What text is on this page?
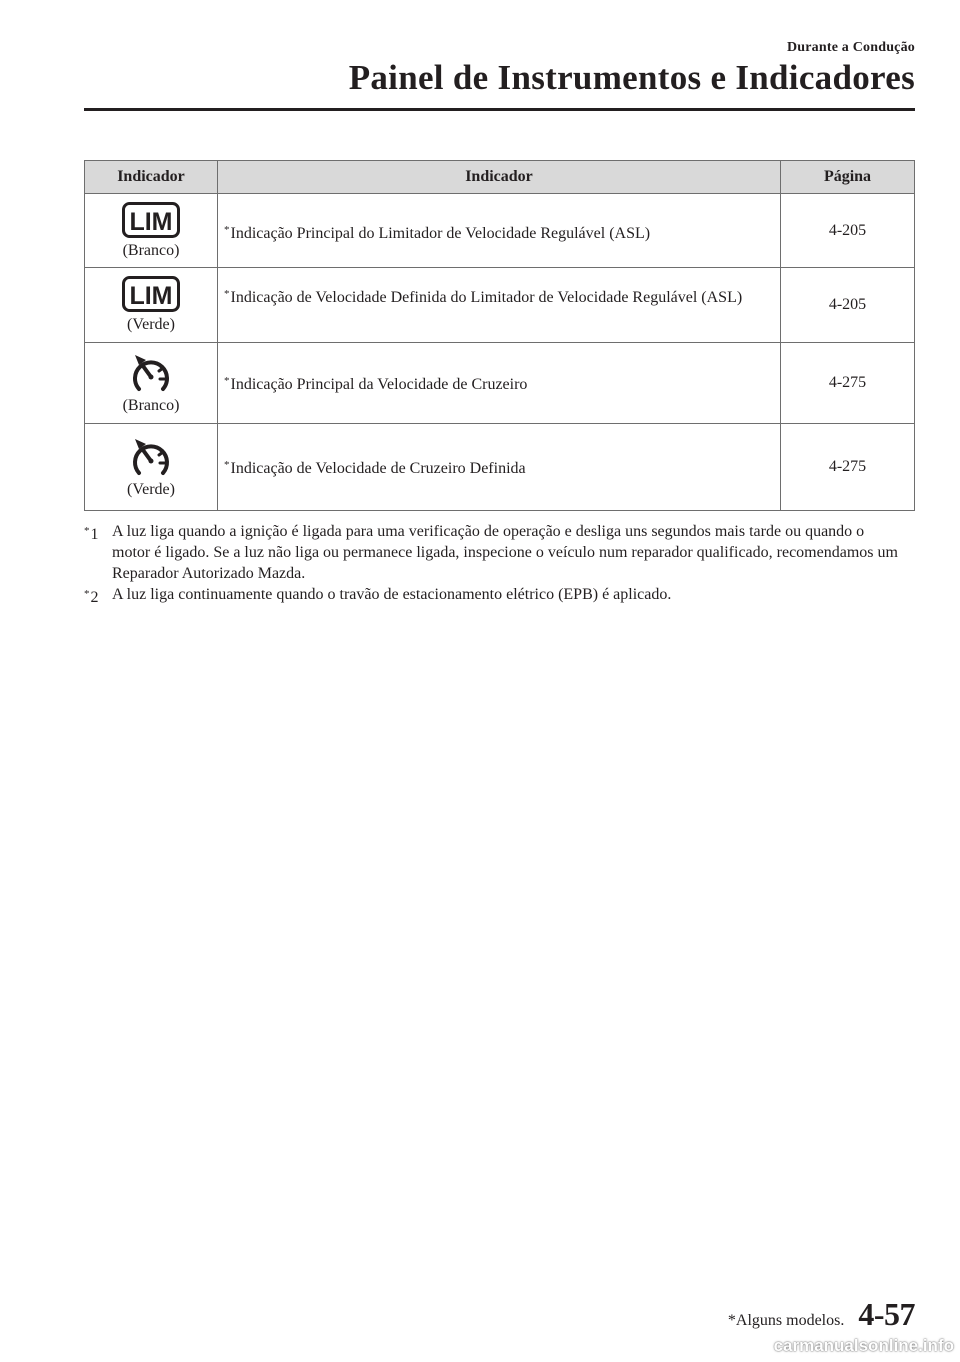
Durante a Condução
Painel de Instrumentos e Indicadores
Indicador	Indicador	Página

LIM
(Branco)	*Indicação Principal do Limitador de Velocidade Regulável (ASL)	4-205

LIM
(Verde)	*Indicação de Velocidade Definida do Limitador de Velocidade Regulável (ASL)	4-205

(Branco)	*Indicação Principal da Velocidade de Cruzeiro	4-275

(Verde)	*Indicação de Velocidade de Cruzeiro Definida	4-275
*1 A luz liga quando a ignição é ligada para uma verificação de operação e desliga uns segundos mais tarde ou quando o motor é ligado. Se a luz não liga ou permanece ligada, inspecione o veículo num reparador qualificado, recomendamos um Reparador Autorizado Mazda.
*2 A luz liga continuamente quando o travão de estacionamento elétrico (EPB) é aplicado.
*Alguns modelos. 4-57
carmanualsonline.info
